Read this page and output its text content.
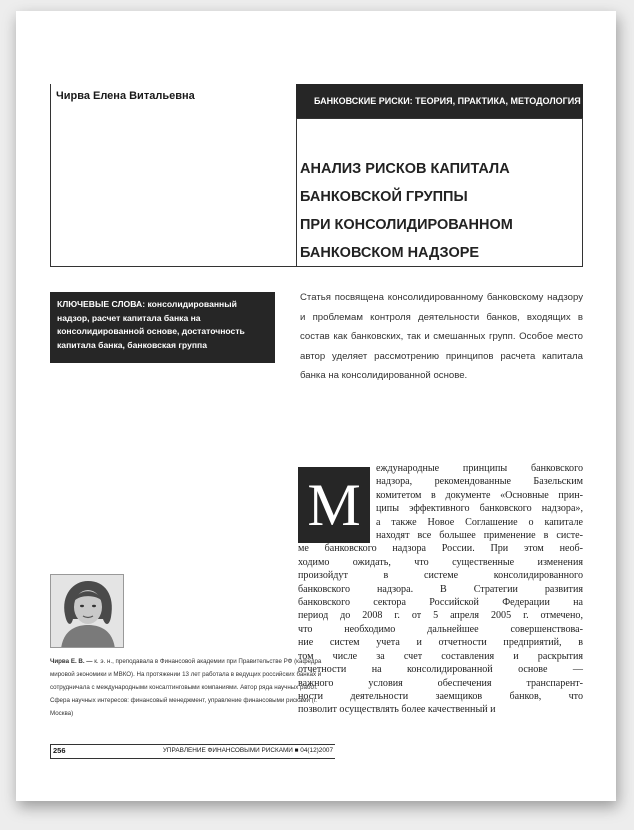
Чирва Елена Витальевна	БАНКОВСКИЕ РИСКИ: ТЕОРИЯ, ПРАКТИКА, МЕТОДОЛОГИЯ
АНАЛИЗ РИСКОВ КАПИТАЛА
БАНКОВСКОЙ ГРУППЫ
ПРИ КОНСОЛИДИРОВАННОМ
БАНКОВСКОМ НАДЗОРЕ
КЛЮЧЕВЫЕ СЛОВА: консолидированный надзор, расчет капитала банка на консолидированной основе, достаточность капитала банка, банковская группа
Статья посвящена консолидированному банковскому надзору и проблемам контроля деятельности банков, входящих в состав как банковских, так и смешанных групп. Особое место автор уделяет рассмотрению принципов расчета капитала банка на консолидированной основе.
М
еждународные принципы банковского
надзора, рекомендованные Базельским
комитетом в документе «Основные прин-
ципы эффективного банковского надзора»,
а также Новое Соглашение о капитале
находят все большее применение в систе-
ме банковского надзора России. При этом необ-
ходимо ожидать, что существенные изменения
произойдут в системе консолидированного
банковского надзора. В Стратегии развития
банковского сектора Российской Федерации на
период до 2008 г. от 5 апреля 2005 г. отмечено,
что необходимо дальнейшее совершенствова-
ние систем учета и отчетности предприятий, в
том числе за счет составления и раскрытия
отчетности на консолидированной основе —
важного условия обеспечения транспарент-
ности деятельности заемщиков банков, что
позволит осуществлять более качественный и
Чирва Е. В. — к. э. н., преподавала в Финансовой академии при Правительстве РФ (кафедра мировой экономики и МВКО). На протяжении 13 лет работала в ведущих российских банках и сотрудничала с международными консалтинговыми компаниями. Автор ряда научных работ. Сфера научных интересов: финансовый менеджмент, управление финансовыми рисками (г. Москва)
256	УПРАВЛЕНИЕ ФИНАНСОВЫМИ РИСКАМИ ■ 04(12)2007
